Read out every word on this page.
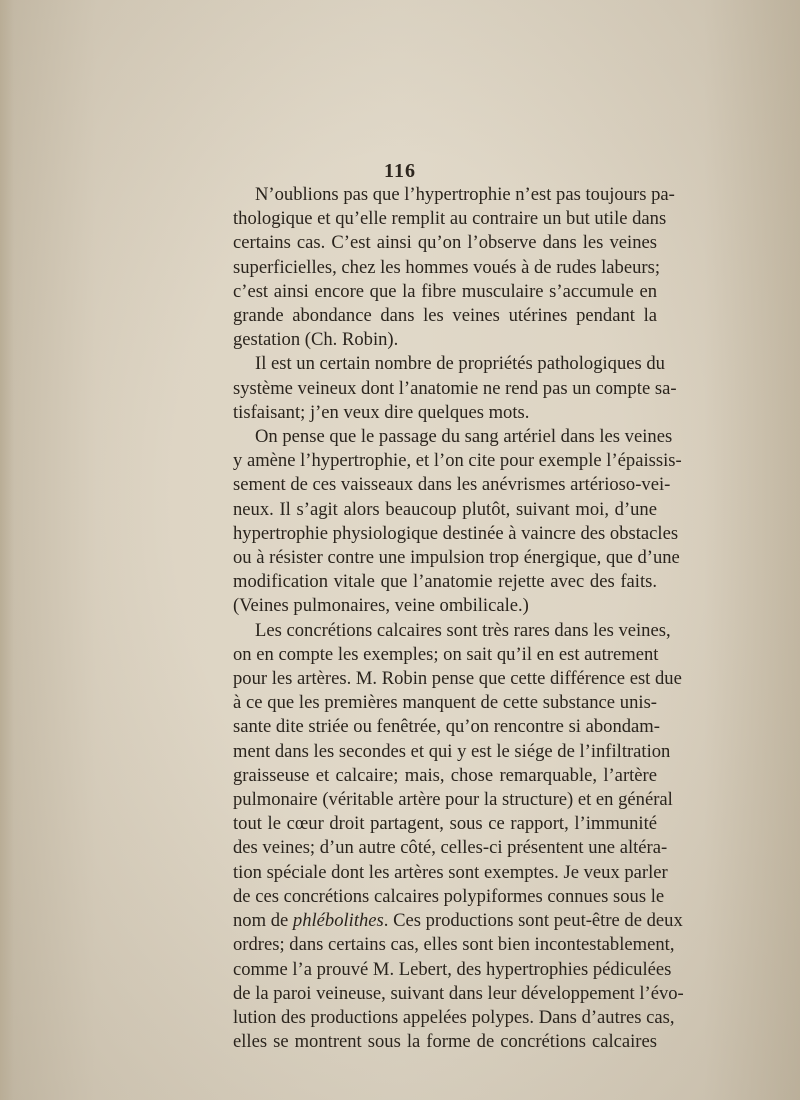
116
N’oublions pas que l’hypertrophie n’est pas toujours pa-
thologique et qu’elle remplit au contraire un but utile dans
certains cas. C’est ainsi qu’on l’observe dans les veines
superficielles, chez les hommes voués à de rudes labeurs;
c’est ainsi encore que la fibre musculaire s’accumule en
grande abondance dans les veines utérines pendant la
gestation (Ch. Robin).
Il est un certain nombre de propriétés pathologiques du
système veineux dont l’anatomie ne rend pas un compte sa-
tisfaisant; j’en veux dire quelques mots.
On pense que le passage du sang artériel dans les veines
y amène l’hypertrophie, et l’on cite pour exemple l’épaissis-
sement de ces vaisseaux dans les anévrismes artérioso-vei-
neux. Il s’agit alors beaucoup plutôt, suivant moi, d’une
hypertrophie physiologique destinée à vaincre des obstacles
ou à résister contre une impulsion trop énergique, que d’une
modification vitale que l’anatomie rejette avec des faits.
(Veines pulmonaires, veine ombilicale.)
Les concrétions calcaires sont très rares dans les veines,
on en compte les exemples; on sait qu’il en est autrement
pour les artères. M. Robin pense que cette différence est due
à ce que les premières manquent de cette substance unis-
sante dite striée ou fenêtrée, qu’on rencontre si abondam-
ment dans les secondes et qui y est le siége de l’infiltration
graisseuse et calcaire; mais, chose remarquable, l’artère
pulmonaire (véritable artère pour la structure) et en général
tout le cœur droit partagent, sous ce rapport, l’immunité
des veines; d’un autre côté, celles-ci présentent une altéra-
tion spéciale dont les artères sont exemptes. Je veux parler
de ces concrétions calcaires polypiformes connues sous le
nom de phlébolithes. Ces productions sont peut-être de deux
ordres; dans certains cas, elles sont bien incontestablement,
comme l’a prouvé M. Lebert, des hypertrophies pédiculées
de la paroi veineuse, suivant dans leur développement l’évo-
lution des productions appelées polypes. Dans d’autres cas,
elles se montrent sous la forme de concrétions calcaires
